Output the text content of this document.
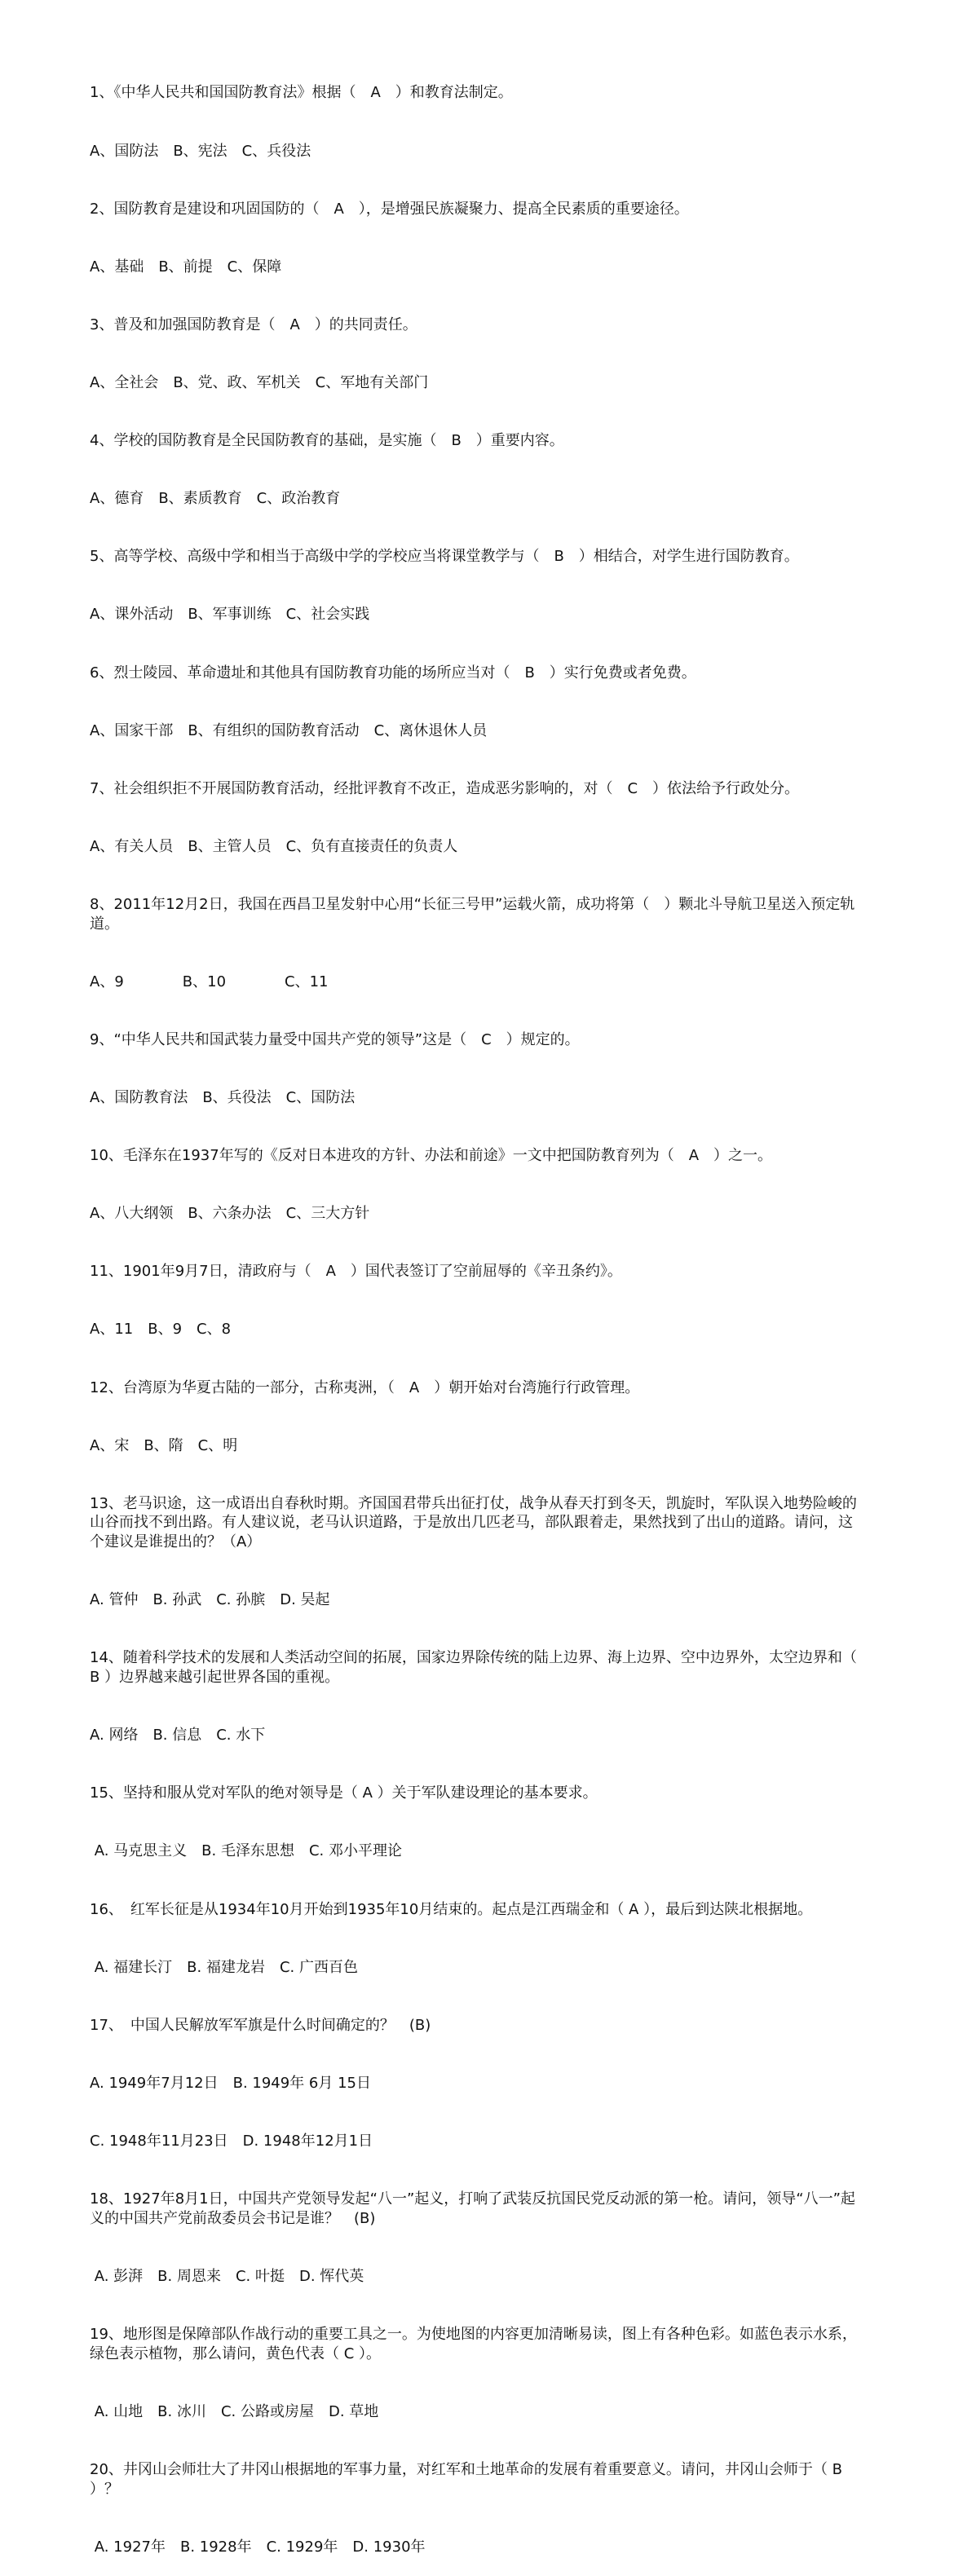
1、《中华人民共和国国防教育法》根据（　A　）和教育法制定。

A、国防法　B、宪法　C、兵役法

2、国防教育是建设和巩固国防的（　A　），是增强民族凝聚力、提高全民素质的重要途径。

A、基础　B、前提　C、保障

3、普及和加强国防教育是（　A　）的共同责任。

A、全社会　B、党、政、军机关　C、军地有关部门

4、学校的国防教育是全民国防教育的基础，是实施（　B　）重要内容。

A、德育　B、素质教育　C、政治教育

5、高等学校、高级中学和相当于高级中学的学校应当将课堂教学与（　B　）相结合，对学生进行国防教育。

A、课外活动　B、军事训练　C、社会实践

6、烈士陵园、革命遗址和其他具有国防教育功能的场所应当对（　B　）实行免费或者免费。

A、国家干部　B、有组织的国防教育活动　C、离休退休人员

7、社会组织拒不开展国防教育活动，经批评教育不改正，造成恶劣影响的，对（　C　）依法给予行政处分。

A、有关人员　B、主管人员　C、负有直接责任的负责人

8、2011年12月2日，我国在西昌卫星发射中心用“长征三号甲”运载火箭，成功将第（　）颗北斗导航卫星送入预定轨道。

A、9　　　　B、10　　　　C、11

9、“中华人民共和国武装力量受中国共产党的领导”这是（　C　）规定的。

A、国防教育法　B、兵役法　C、国防法

10、毛泽东在1937年写的《反对日本进攻的方针、办法和前途》一文中把国防教育列为（　A　）之一。

A、八大纲领　B、六条办法　C、三大方针

11、1901年9月7日，清政府与（　A　）国代表签订了空前屈辱的《辛丑条约》。

A、11　B、9　C、8

12、台湾原为华夏古陆的一部分，古称夷洲，（　A　）朝开始对台湾施行行政管理。

A、宋　B、隋　C、明

13、老马识途，这一成语出自春秋时期。齐国国君带兵出征打仗，战争从春天打到冬天，凯旋时，军队误入地势险峻的山谷而找不到出路。有人建议说，老马认识道路，于是放出几匹老马，部队跟着走，果然找到了出山的道路。请问，这个建议是谁提出的？（A）

A. 管仲　B. 孙武　C. 孙膑　D. 吴起

14、随着科学技术的发展和人类活动空间的拓展，国家边界除传统的陆上边界、海上边界、空中边界外，太空边界和（ B ）边界越来越引起世界各国的重视。

A. 网络　B. 信息　C. 水下

15、坚持和服从党对军队的绝对领导是（ A ）关于军队建设理论的基本要求。

A. 马克思主义　B. 毛泽东思想　C. 邓小平理论

16、　红军长征是从1934年10月开始到1935年10月结束的。起点是江西瑞金和（ A ），最后到达陕北根据地。

A. 福建长汀　B. 福建龙岩　C. 广西百色

17、　中国人民解放军军旗是什么时间确定的？　(B)

A. 1949年7月12日　B. 1949年 6月 15日

C. 1948年11月23日　D. 1948年12月1日

18、1927年8月1日，中国共产党领导发起“八一”起义，打响了武装反抗国民党反动派的第一枪。请问，领导“八一”起义的中国共产党前敌委员会书记是谁？　(B)

A. 彭湃　B. 周恩来　C. 叶挺　D. 恽代英

19、地形图是保障部队作战行动的重要工具之一。为使地图的内容更加清晰易读，图上有各种色彩。如蓝色表示水系，绿色表示植物，那么请问，黄色代表（ C ）。

A. 山地　B. 冰川　C. 公路或房屋　D. 草地

20、井冈山会师壮大了井冈山根据地的军事力量，对红军和土地革命的发展有着重要意义。请问，井冈山会师于（ B ）？

A. 1927年　B. 1928年　C. 1929年　D. 1930年
